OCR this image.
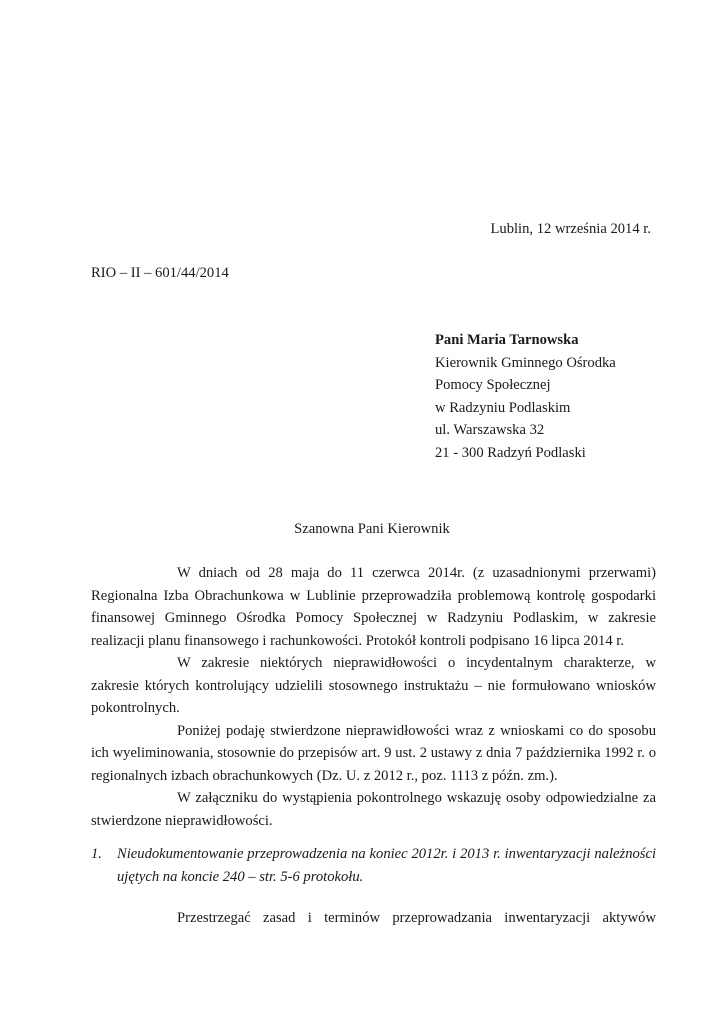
Lublin, 12 września 2014 r.
RIO – II – 601/44/2014
Pani Maria Tarnowska
Kierownik Gminnego Ośrodka
Pomocy Społecznej
w Radzyniu Podlaskim
ul. Warszawska 32
21 - 300 Radzyń Podlaski
Szanowna Pani Kierownik

W dniach od 28 maja do 11 czerwca 2014r. (z uzasadnionymi przerwami) Regionalna Izba Obrachunkowa w Lublinie przeprowadziła problemową kontrolę gospodarki finansowej Gminnego Ośrodka Pomocy Społecznej w Radzyniu Podlaskim, w zakresie realizacji planu finansowego i rachunkowości. Protokół kontroli podpisano 16 lipca 2014 r.

W zakresie niektórych nieprawidłowości o incydentalnym charakterze, w zakresie których kontrolujący udzielili stosownego instruktażu – nie formułowano wniosków pokontrolnych.

Poniżej podaję stwierdzone nieprawidłowości wraz z wnioskami co do sposobu ich wyeliminowania, stosownie do przepisów art. 9 ust. 2 ustawy z dnia 7 października 1992 r. o regionalnych izbach obrachunkowych (Dz. U. z 2012 r., poz. 1113 z późn. zm.).

W załączniku do wystąpienia pokontrolnego wskazuję osoby odpowiedzialne za stwierdzone nieprawidłowości.

1. Nieudokumentowanie przeprowadzenia na koniec 2012r. i 2013 r. inwentaryzacji należności ujętych na koncie 240 – str. 5-6 protokołu.

Przestrzegać zasad i terminów przeprowadzania inwentaryzacji aktywów
